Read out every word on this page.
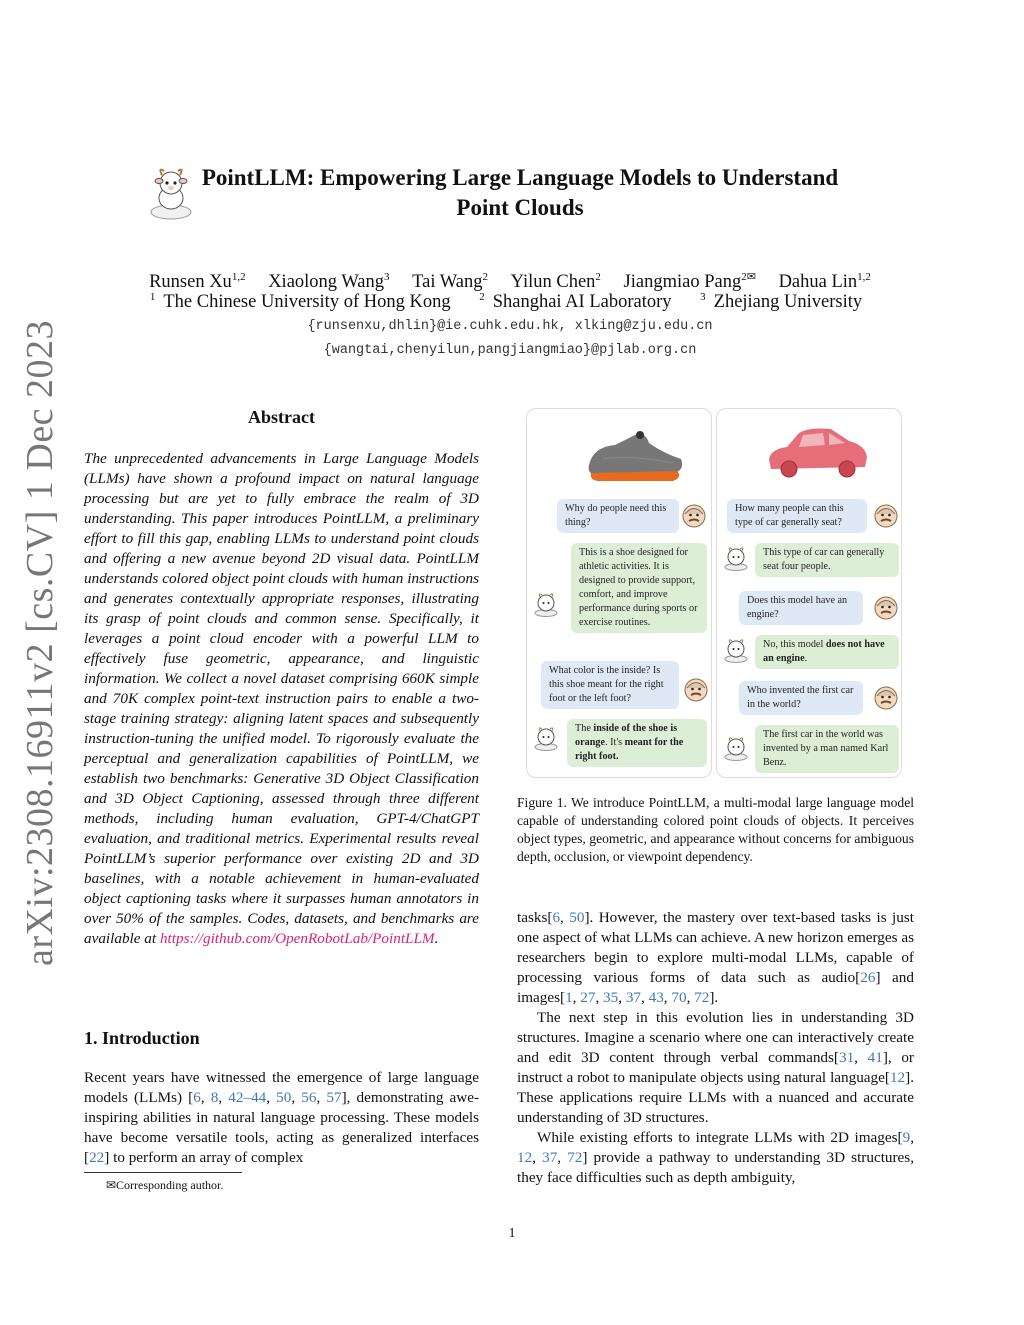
arXiv:2308.16911v2 [cs.CV] 1 Dec 2023
PointLLM: Empowering Large Language Models to Understand
Point Clouds
Runsen Xu$^{1,2}$ Xiaolong Wang$^3$ Tai Wang$^2$ Yilun Chen$^2$ Jiangmiao Pang$^{2✉}$ Dahua Lin$^{1,2}$
$^1$ The Chinese University of Hong Kong	$^2$ Shanghai AI Laboratory	$^3$ Zhejiang University
{runsenxu,dhlin}@ie.cuhk.edu.hk, xlking@zju.edu.cn
{wangtai,chenyilun,pangjiangmiao}@pjlab.org.cn
Abstract
The unprecedented advancements in Large Language Models (LLMs) have shown a profound impact on natural language processing but are yet to fully embrace the realm of 3D understanding. This paper introduces PointLLM, a preliminary effort to fill this gap, enabling LLMs to understand point clouds and offering a new avenue beyond 2D visual data. PointLLM understands colored object point clouds with human instructions and generates contextually appropriate responses, illustrating its grasp of point clouds and common sense. Specifically, it leverages a point cloud encoder with a powerful LLM to effectively fuse geometric, appearance, and linguistic information. We collect a novel dataset comprising 660K simple and 70K complex point-text instruction pairs to enable a two-stage training strategy: aligning latent spaces and subsequently instruction-tuning the unified model. To rigorously evaluate the perceptual and generalization capabilities of PointLLM, we establish two benchmarks: Generative 3D Object Classification and 3D Object Captioning, assessed through three different methods, including human evaluation, GPT-4/ChatGPT evaluation, and traditional metrics. Experimental results reveal PointLLM’s superior performance over existing 2D and 3D baselines, with a notable achievement in human-evaluated object captioning tasks where it surpasses human annotators in over 50% of the samples. Codes, datasets, and benchmarks are available at https://github.com/OpenRobotLab/PointLLM.
1. Introduction
Recent years have witnessed the emergence of large language models (LLMs) [6, 8, 42–44, 50, 56, 57], demonstrating awe-inspiring abilities in natural language processing. These models have become versatile tools, acting as generalized interfaces [22] to perform an array of complex
✉Corresponding author.
1
Why do people need this thing?
This is a shoe designed for athletic activities. It is designed to provide support, comfort, and improve performance during sports or exercise routines.
What color is the inside? Is this shoe meant for the right foot or the left foot?
The inside of the shoe is orange. It's meant for the right foot.
How many people can this type of car generally seat?
This type of car can generally seat four people.
Does this model have an engine?
No, this model does not have an engine.
Who invented the first car in the world?
The first car in the world was invented by a man named Karl Benz.
Figure 1. We introduce PointLLM, a multi-modal large language model capable of understanding colored point clouds of objects. It perceives object types, geometric, and appearance without concerns for ambiguous depth, occlusion, or viewpoint dependency.

tasks[6, 50]. However, the mastery over text-based tasks is just one aspect of what LLMs can achieve. A new horizon emerges as researchers begin to explore multi-modal LLMs, capable of processing various forms of data such as audio[26] and images[1, 27, 35, 37, 43, 70, 72].

The next step in this evolution lies in understanding 3D structures. Imagine a scenario where one can interactively create and edit 3D content through verbal commands[31, 41], or instruct a robot to manipulate objects using natural language[12]. These applications require LLMs with a nuanced and accurate understanding of 3D structures.

While existing efforts to integrate LLMs with 2D images[9, 12, 37, 72] provide a pathway to understanding 3D structures, they face difficulties such as depth ambiguity,
